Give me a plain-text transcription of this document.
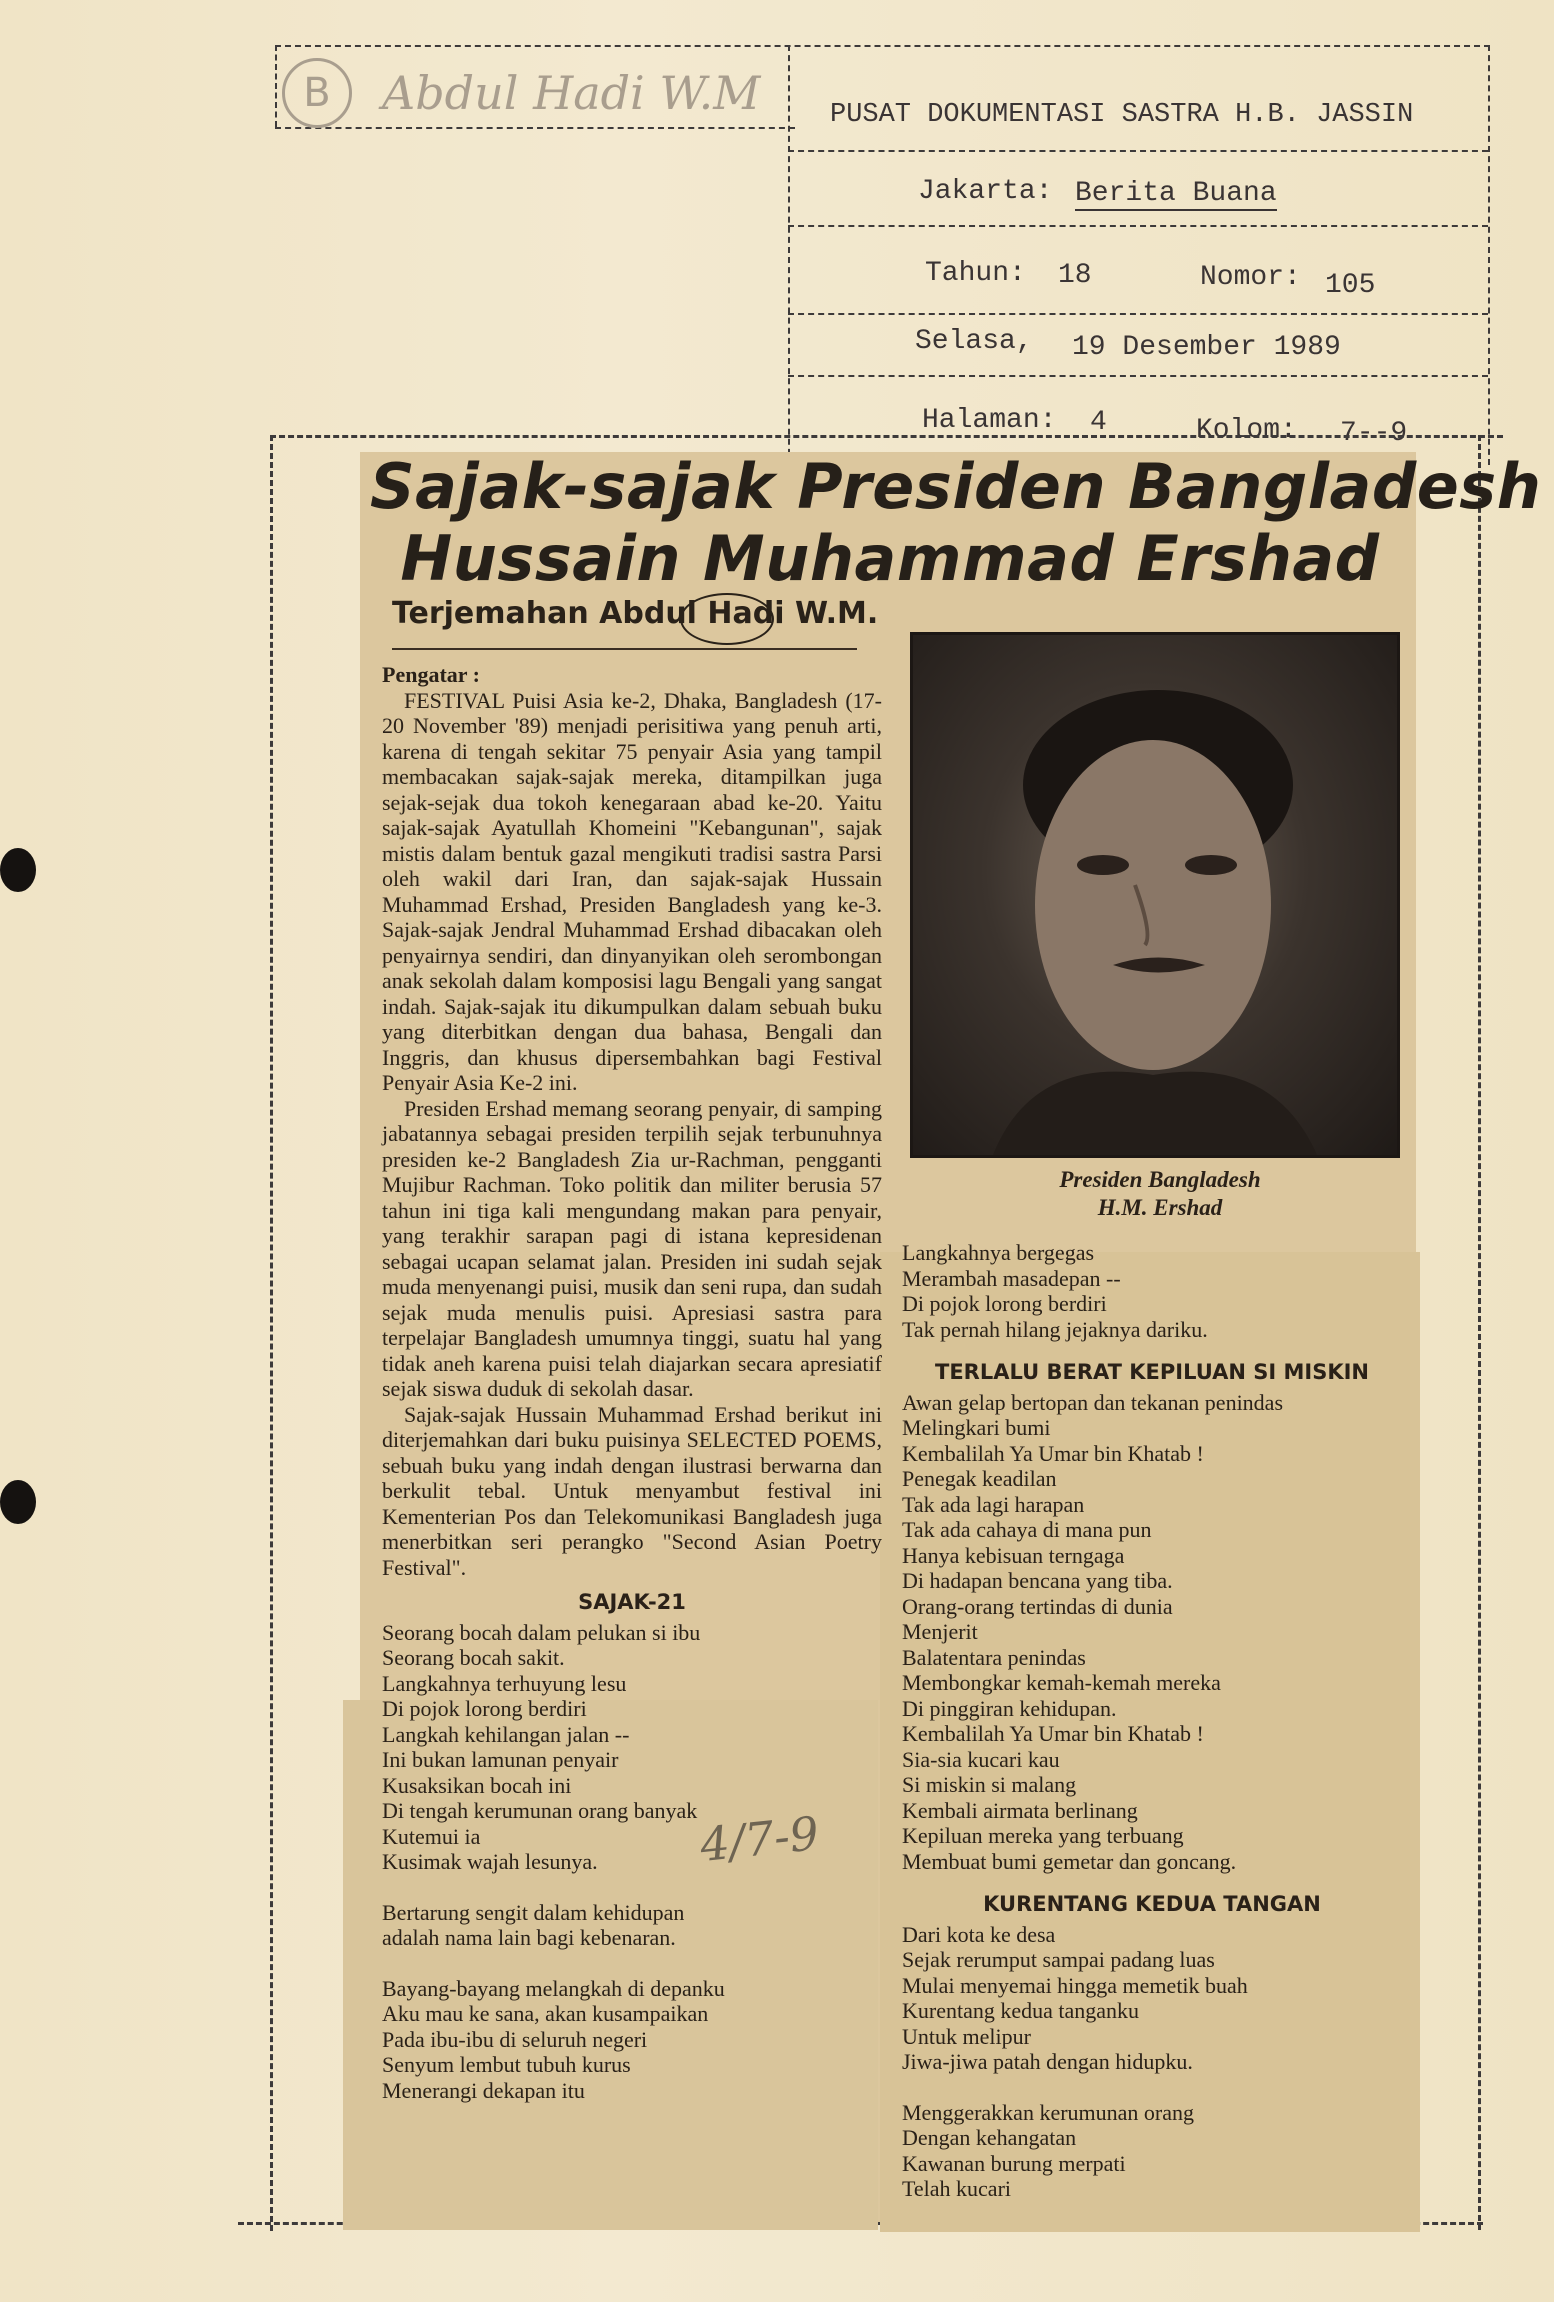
B	Abdul Hadi W.M	PUSAT DOKUMENTASI SASTRA H.B. JASSIN
Jakarta: Berita Buana
Tahun: 18	Nomor: 105
Selasa, 19 Desember 1989
Halaman: 4	Kolom: 7--9
Sajak-sajak Presiden Bangladesh
Hussain Muhammad Ershad
Terjemahan Abdul Hadi W.M.
Pengatar :

FESTIVAL Puisi Asia ke-2, Dhaka, Bangladesh (17-20 November '89) menjadi perisitiwa yang penuh arti, karena di tengah sekitar 75 penyair Asia yang tampil membacakan sajak-sajak mereka, ditampilkan juga sejak-sejak dua tokoh kenegaraan abad ke-20. Yaitu sajak-sajak Ayatullah Khomeini "Kebangunan", sajak mistis dalam bentuk gazal mengikuti tradisi sastra Parsi oleh wakil dari Iran, dan sajak-sajak Hussain Muhammad Ershad, Presiden Bangladesh yang ke-3. Sajak-sajak Jendral Muhammad Ershad dibacakan oleh penyairnya sendiri, dan dinyanyikan oleh serombongan anak sekolah dalam komposisi lagu Bengali yang sangat indah. Sajak-sajak itu dikumpulkan dalam sebuah buku yang diterbitkan dengan dua bahasa, Bengali dan Inggris, dan khusus dipersembahkan bagi Festival Penyair Asia Ke-2 ini.

Presiden Ershad memang seorang penyair, di samping jabatannya sebagai presiden terpilih sejak terbunuhnya presiden ke-2 Bangladesh Zia ur-Rachman, pengganti Mujibur Rachman. Toko politik dan militer berusia 57 tahun ini tiga kali mengundang makan para penyair, yang terakhir sarapan pagi di istana kepresidenan sebagai ucapan selamat jalan. Presiden ini sudah sejak muda menyenangi puisi, musik dan seni rupa, dan sudah sejak muda menulis puisi. Apresiasi sastra para terpelajar Bangladesh umumnya tinggi, suatu hal yang tidak aneh karena puisi telah diajarkan secara apresiatif sejak siswa duduk di sekolah dasar.

Sajak-sajak Hussain Muhammad Ershad berikut ini diterjemahkan dari buku puisinya SELECTED POEMS, sebuah buku yang indah dengan ilustrasi berwarna dan berkulit tebal. Untuk menyambut festival ini Kementerian Pos dan Telekomunikasi Bangladesh juga menerbitkan seri perangko "Second Asian Poetry Festival".

SAJAK-21
Seorang bocah dalam pelukan si ibu
Seorang bocah sakit.
Langkahnya terhuyung lesu
Di pojok lorong berdiri
Langkah kehilangan jalan --
Ini bukan lamunan penyair
Kusaksikan bocah ini
Di tengah kerumunan orang banyak
Kutemui ia
Kusimak wajah lesunya.
Bertarung sengit dalam kehidupan
adalah nama lain bagi kebenaran.
Bayang-bayang melangkah di depanku
Aku mau ke sana, akan kusampaikan
Pada ibu-ibu di seluruh negeri
Senyum lembut tubuh kurus
Menerangi dekapan itu
4/7-9
Presiden Bangladesh
H.M. Ershad
Langkahnya bergegas
Merambah masadepan --
Di pojok lorong berdiri
Tak pernah hilang jejaknya dariku.
TERLALU BERAT KEPILUAN SI MISKIN
Awan gelap bertopan dan tekanan penindas
Melingkari bumi
Kembalilah Ya Umar bin Khatab !
Penegak keadilan
Tak ada lagi harapan
Tak ada cahaya di mana pun
Hanya kebisuan terngaga
Di hadapan bencana yang tiba.
Orang-orang tertindas di dunia
Menjerit
Balatentara penindas
Membongkar kemah-kemah mereka
Di pinggiran kehidupan.
Kembalilah Ya Umar bin Khatab !
Sia-sia kucari kau
Si miskin si malang
Kembali airmata berlinang
Kepiluan mereka yang terbuang
Membuat bumi gemetar dan goncang.
KURENTANG KEDUA TANGAN
Dari kota ke desa
Sejak rerumput sampai padang luas
Mulai menyemai hingga memetik buah
Kurentang kedua tanganku
Untuk melipur
Jiwa-jiwa patah dengan hidupku.
Menggerakkan kerumunan orang
Dengan kehangatan
Kawanan burung merpati
Telah kucari
